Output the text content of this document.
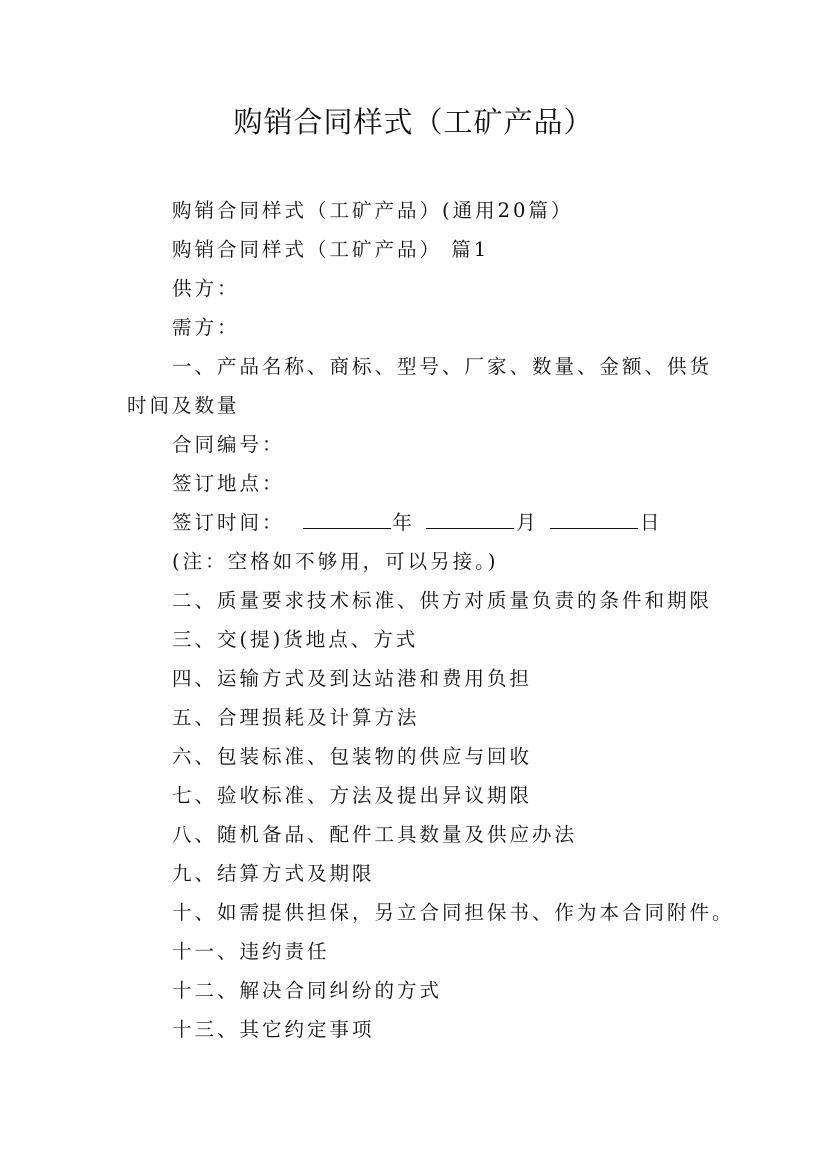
购销合同样式（工矿产品）
购销合同样式（工矿产品）(通用20篇）
购销合同样式（工矿产品） 篇1
供方：
需方：
一、产品名称、商标、型号、厂家、数量、金额、供货
时间及数量
合同编号：
签订地点：
签订时间：	年	月	日
(注：空格如不够用，可以另接。)
二、质量要求技术标准、供方对质量负责的条件和期限
三、交(提)货地点、方式
四、运输方式及到达站港和费用负担
五、合理损耗及计算方法
六、包装标准、包装物的供应与回收
七、验收标准、方法及提出异议期限
八、随机备品、配件工具数量及供应办法
九、结算方式及期限
十、如需提供担保，另立合同担保书、作为本合同附件。
十一、违约责任
十二、解决合同纠纷的方式
十三、其它约定事项
